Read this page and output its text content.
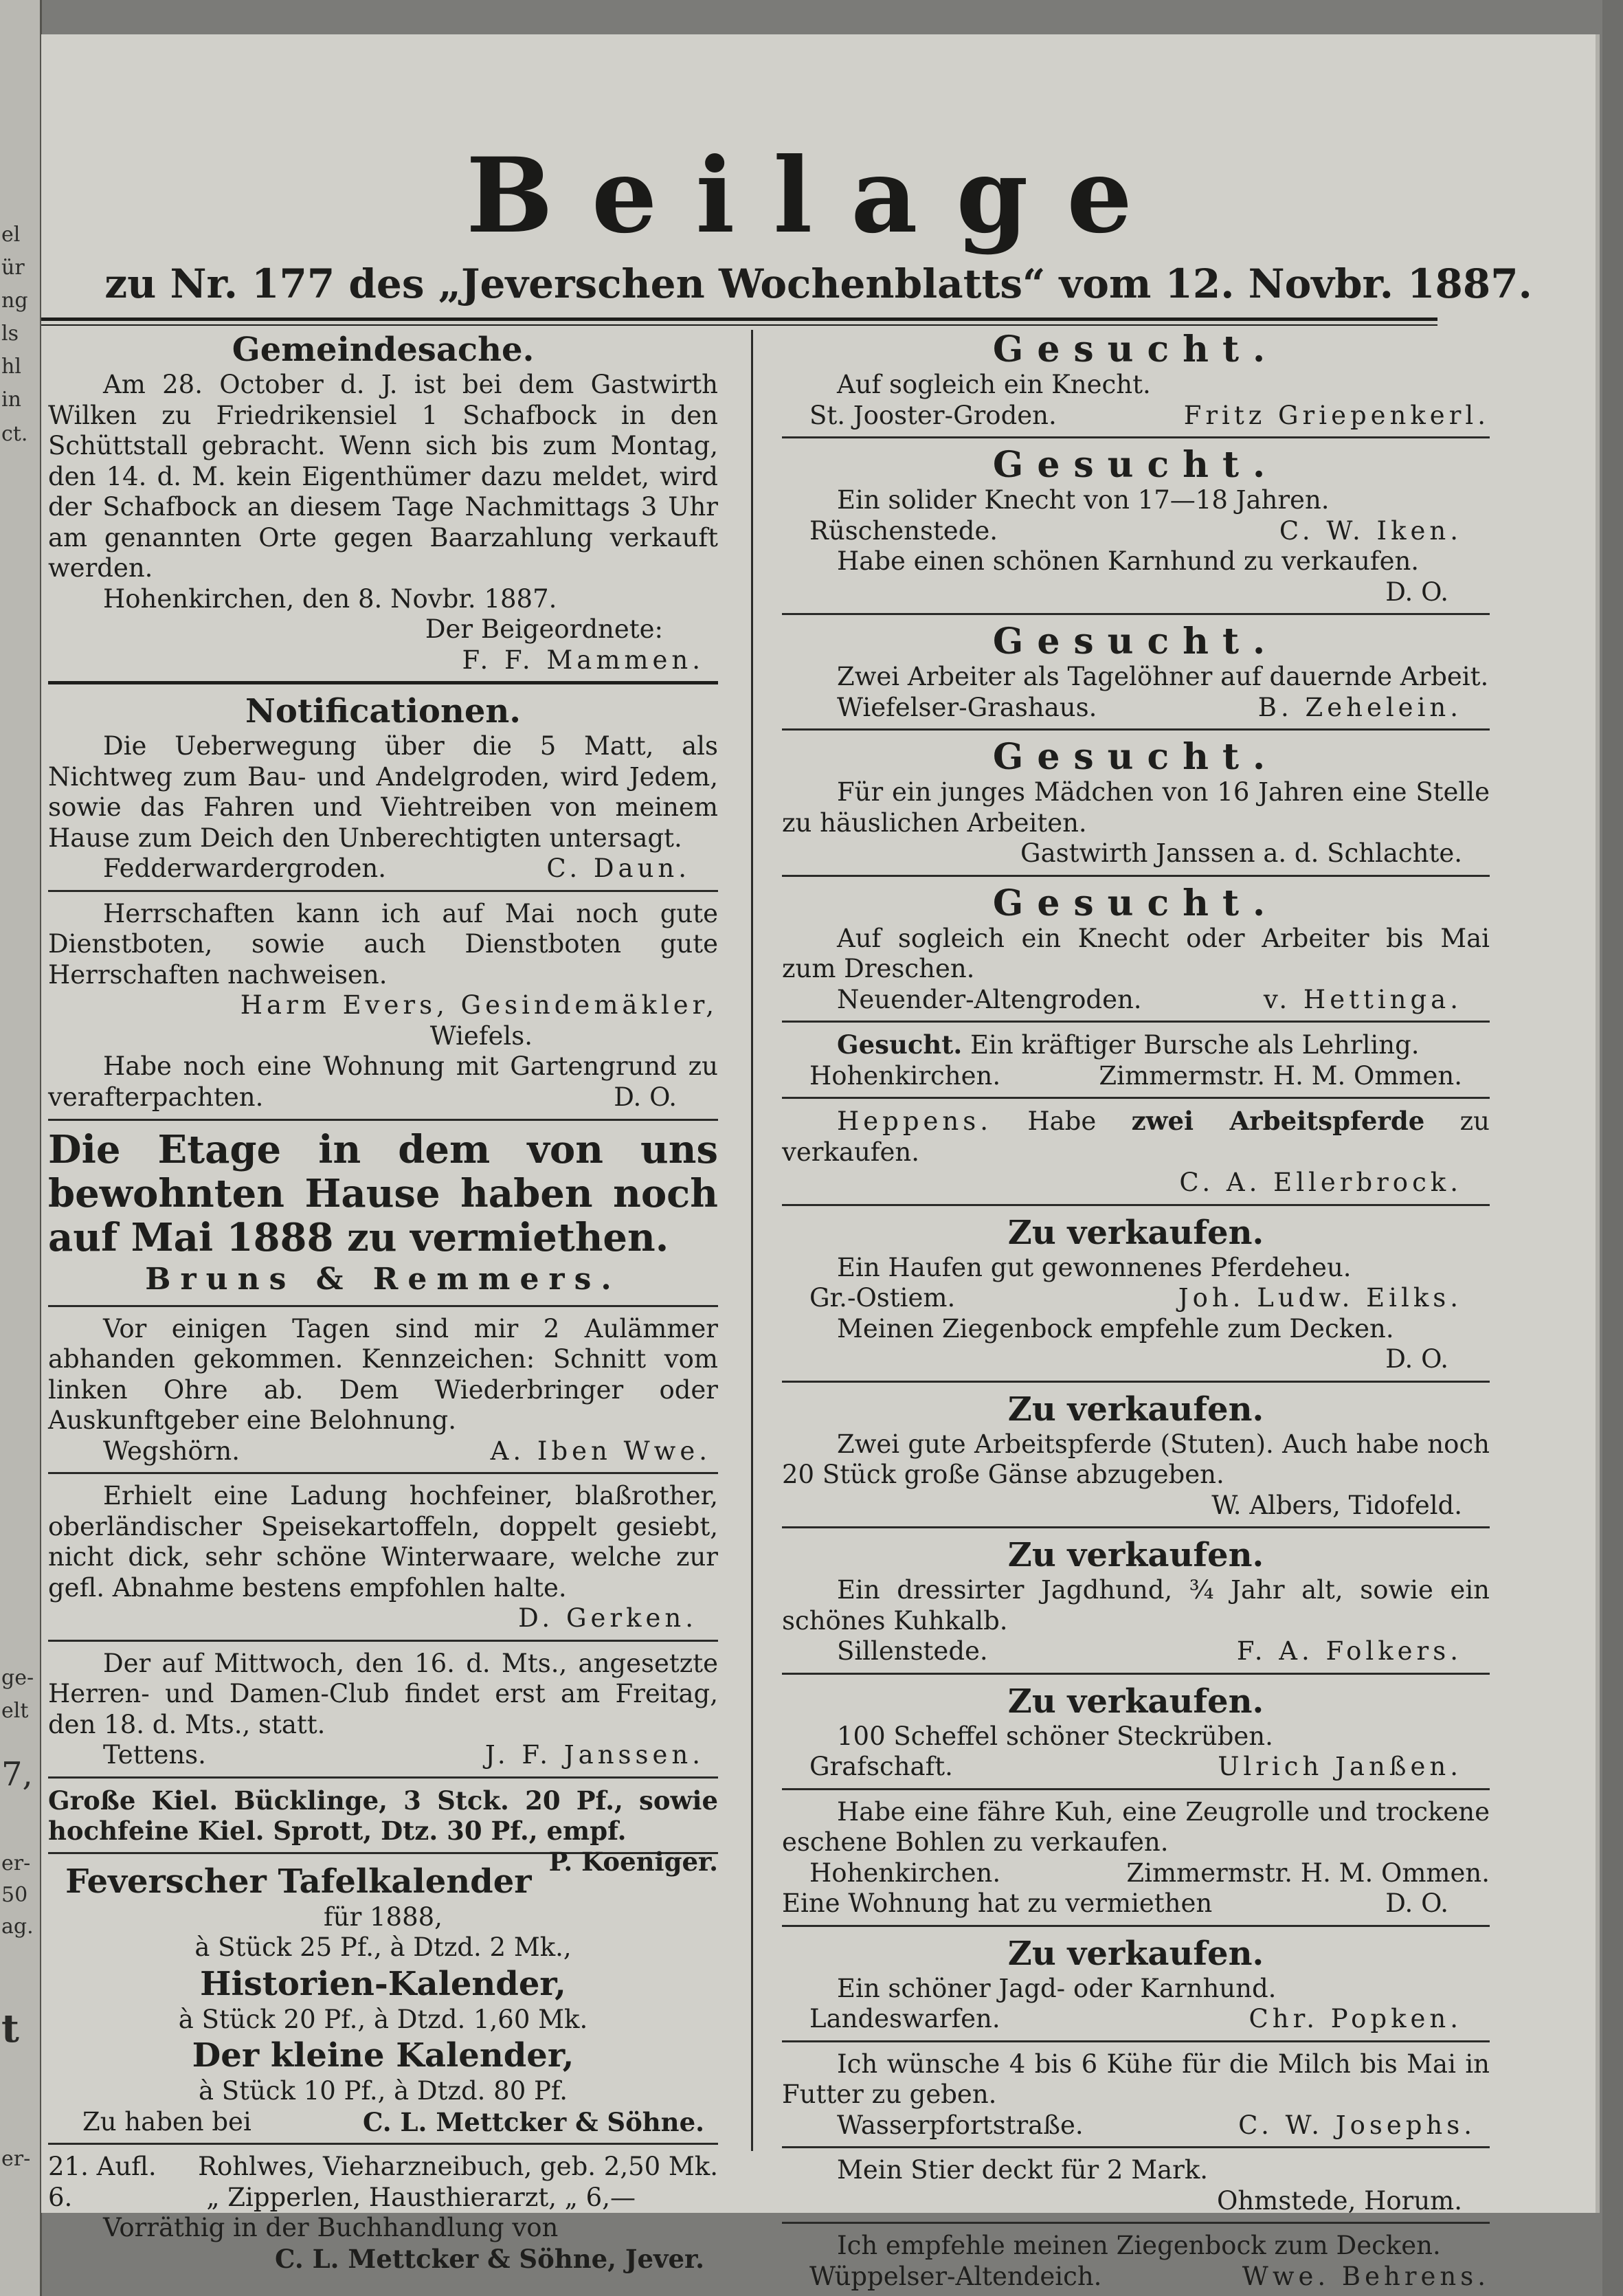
el
ür
ng
ls
hl
in
ct.
ge-
elt
7,
er-
50
ag.
t
er-
Beilage
zu Nr. 177 des „Jeverschen Wochenblatts“ vom 12. Novbr. 1887.
Gemeindesache.
Am 28. October d. J. ist bei dem Gastwirth Wilken zu Friedrikensiel 1 Schafbock in den Schüttstall gebracht. Wenn sich bis zum Montag, den 14. d. M. kein Eigenthümer dazu meldet, wird der Schafbock an diesem Tage Nachmittags 3 Uhr am genannten Orte gegen Baarzahlung verkauft werden.
Hohenkirchen, den 8. Novbr. 1887.
Der Beigeordnete:
F. F. Mammen.
Notificationen.
Die Ueberwegung über die 5 Matt, als Nichtweg zum Bau- und Andelgroden, wird Jedem, sowie das Fahren und Viehtreiben von meinem Hause zum Deich den Unberechtigten untersagt.
Fedderwardergroden.	C. Daun.
Herrschaften kann ich auf Mai noch gute Dienstboten, sowie auch Dienstboten gute Herrschaften nachweisen.
Harm Evers, Gesindemäkler,
Wiefels.
Habe noch eine Wohnung mit Gartengrund zu verafterpachten.	D. O.
Die Etage in dem von uns bewohnten Hause haben noch auf Mai 1888 zu vermiethen.
Bruns & Remmers.
Vor einigen Tagen sind mir 2 Aulämmer abhanden gekommen. Kennzeichen: Schnitt vom linken Ohre ab. Dem Wiederbringer oder Auskunftgeber eine Belohnung.
Wegshörn.	A. Iben Wwe.
Erhielt eine Ladung hochfeiner, blaßrother, oberländischer Speisekartoffeln, doppelt gesiebt, nicht dick, sehr schöne Winterwaare, welche zur gefl. Abnahme bestens empfohlen halte.
D. Gerken.
Der auf Mittwoch, den 16. d. Mts., angesetzte Herren- und Damen-Club findet erst am Freitag, den 18. d. Mts., statt.
Tettens.	J. F. Janssen.
Große Kiel. Bücklinge, 3 Stck. 20 Pf., sowie hochfeine Kiel. Sprott, Dtz. 30 Pf., empf.
P. Koeniger.
Feverscher Tafelkalender
für 1888,
à Stück 25 Pf., à Dtzd. 2 Mk.,
Historien-Kalender,
à Stück 20 Pf., à Dtzd. 1,60 Mk.
Der kleine Kalender,
à Stück 10 Pf., à Dtzd. 80 Pf.
Zu haben bei	C. L. Mettcker & Söhne.
21. Aufl. Rohlwes, Vieharzneibuch, geb. 2,50 Mk.
6.	„ Zipperlen, Hausthierarzt, „ 6,—
Vorräthig in der Buchhandlung von
C. L. Mettcker & Söhne, Jever.
Gesucht.
Auf sogleich ein Knecht.
St. Jooster-Groden.	Fritz Griepenkerl.
Gesucht.
Ein solider Knecht von 17—18 Jahren.
Rüschenstede.	C. W. Iken.
Habe einen schönen Karnhund zu verkaufen.
D. O.
Gesucht.
Zwei Arbeiter als Tagelöhner auf dauernde Arbeit.
Wiefelser-Grashaus.	B. Zehelein.
Gesucht.
Für ein junges Mädchen von 16 Jahren eine Stelle zu häuslichen Arbeiten.
Gastwirth Janssen a. d. Schlachte.
Gesucht.
Auf sogleich ein Knecht oder Arbeiter bis Mai zum Dreschen.
Neuender-Altengroden.	v. Hettinga.
Gesucht. Ein kräftiger Bursche als Lehrling.
Hohenkirchen.	Zimmermstr. H. M. Ommen.
Heppens. Habe zwei Arbeitspferde zu verkaufen.
C. A. Ellerbrock.
Zu verkaufen.
Ein Haufen gut gewonnenes Pferdeheu.
Gr.-Ostiem.	Joh. Ludw. Eilks.
Meinen Ziegenbock empfehle zum Decken.
D. O.
Zu verkaufen.
Zwei gute Arbeitspferde (Stuten). Auch habe noch 20 Stück große Gänse abzugeben.
W. Albers, Tidofeld.
Zu verkaufen.
Ein dressirter Jagdhund, ¾ Jahr alt, sowie ein schönes Kuhkalb.
Sillenstede.	F. A. Folkers.
Zu verkaufen.
100 Scheffel schöner Steckrüben.
Grafschaft.	Ulrich Janßen.
Habe eine fähre Kuh, eine Zeugrolle und trockene eschene Bohlen zu verkaufen.
Hohenkirchen.	Zimmermstr. H. M. Ommen.
Eine Wohnung hat zu vermiethen	D. O.
Zu verkaufen.
Ein schöner Jagd- oder Karnhund.
Landeswarfen.	Chr. Popken.
Ich wünsche 4 bis 6 Kühe für die Milch bis Mai in Futter zu geben.
Wasserpfortstraße.	C. W. Josephs.
Mein Stier deckt für 2 Mark.
Ohmstede, Horum.
Ich empfehle meinen Ziegenbock zum Decken.
Wüppelser-Altendeich.	Wwe. Behrens.
